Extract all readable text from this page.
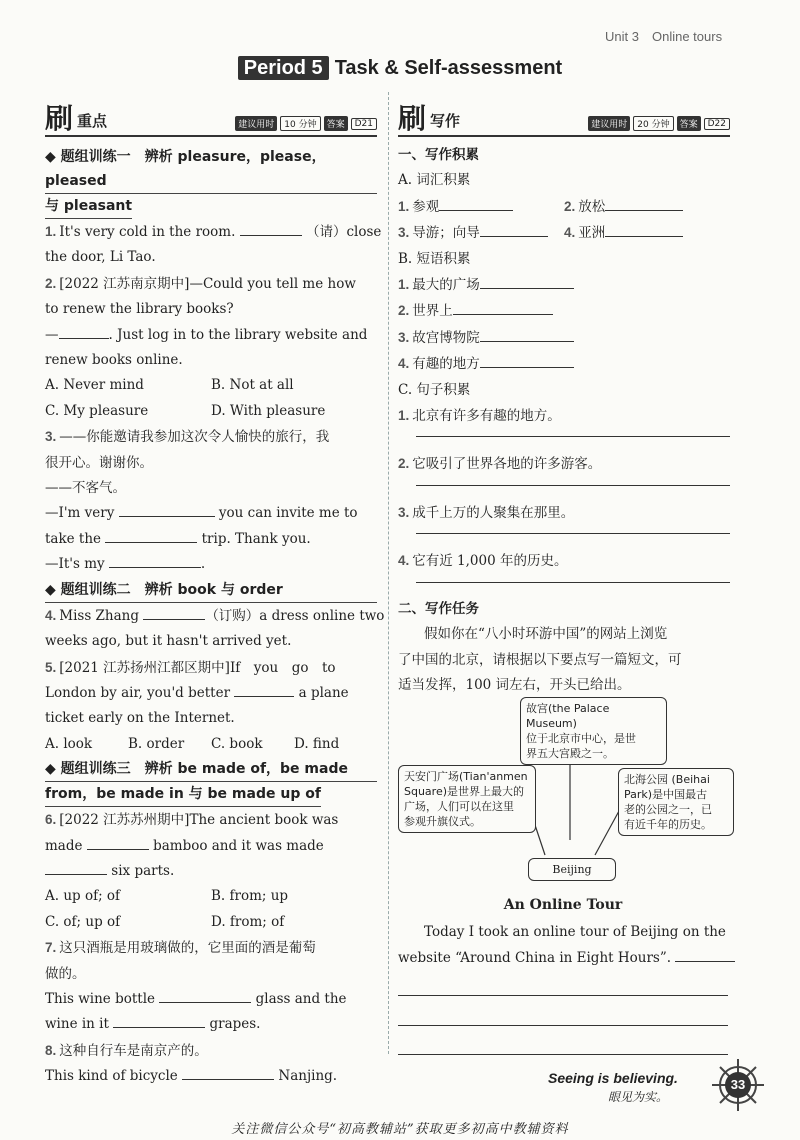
Unit 3　 Online tours
Period 5 Task & Self-assessment
刷 重点	建议用时	10 分钟	答案	D21
◆ 题组训练一　辨析 pleasure，please，pleased
与 pleasant
1. It's very cold in the room.	（请）close
the door, Li Tao.
2. [2022 江苏南京期中]—Could you tell me how
to renew the library books?
—	. Just log in to the library website and
renew books online.
A. Never mind	B. Not at all
C. My pleasure	D. With pleasure
3. ——你能邀请我参加这次令人愉快的旅行，我
很开心。谢谢你。
——不客气。
—I'm very	you can invite me to
take the	trip. Thank you.
—It's my	.
◆ 题组训练二　辨析 book 与 order
4. Miss Zhang	（订购）a dress online two
weeks ago, but it hasn't arrived yet.
5. [2021 江苏扬州江都区期中]If　you　go　to
London by air, you'd better	a plane
ticket early on the Internet.
A. look	B. order	C. book	D. find
◆ 题组训练三　辨析 be made of，be made
from，be made in 与 be made up of
6. [2022 江苏苏州期中]The ancient book was
made	bamboo and it was made
six parts.
A. up of; of	B. from; up
C. of; up of	D. from; of
7. 这只酒瓶是用玻璃做的，它里面的酒是葡萄
做的。
This wine bottle	glass and the
wine in it	grapes.
8. 这种自行车是南京产的。
This kind of bicycle	Nanjing.
刷 写作	建议用时	20 分钟	答案	D22
一、写作积累
A. 词汇积累
1. 参观	2. 放松
3. 导游；向导	4. 亚洲
B. 短语积累
1. 最大的广场
2. 世界上
3. 故宫博物院
4. 有趣的地方
C. 句子积累
1. 北京有许多有趣的地方。
2. 它吸引了世界各地的许多游客。
3. 成千上万的人聚集在那里。
4. 它有近 1,000 年的历史。
二、写作任务
假如你在“八小时环游中国”的网站上浏览
了中国的北京，请根据以下要点写一篇短文，可
适当发挥，100 词左右，开头已给出。
故宫(the Palace Museum)
位于北京市中心，是世
界五大宫殿之一。
天安门广场(Tian'anmen
Square)是世界上最大的
广场，人们可以在这里
参观升旗仪式。
北海公园 (Beihai
Park)是中国最古
老的公园之一，已
有近千年的历史。
Beijing
An Online Tour
Today I took an online tour of Beijing on the
website “Around China in Eight Hours”.
Seeing is believing.
眼见为实。
33
关注微信公众号“初高教辅站”获取更多初高中教辅资料
